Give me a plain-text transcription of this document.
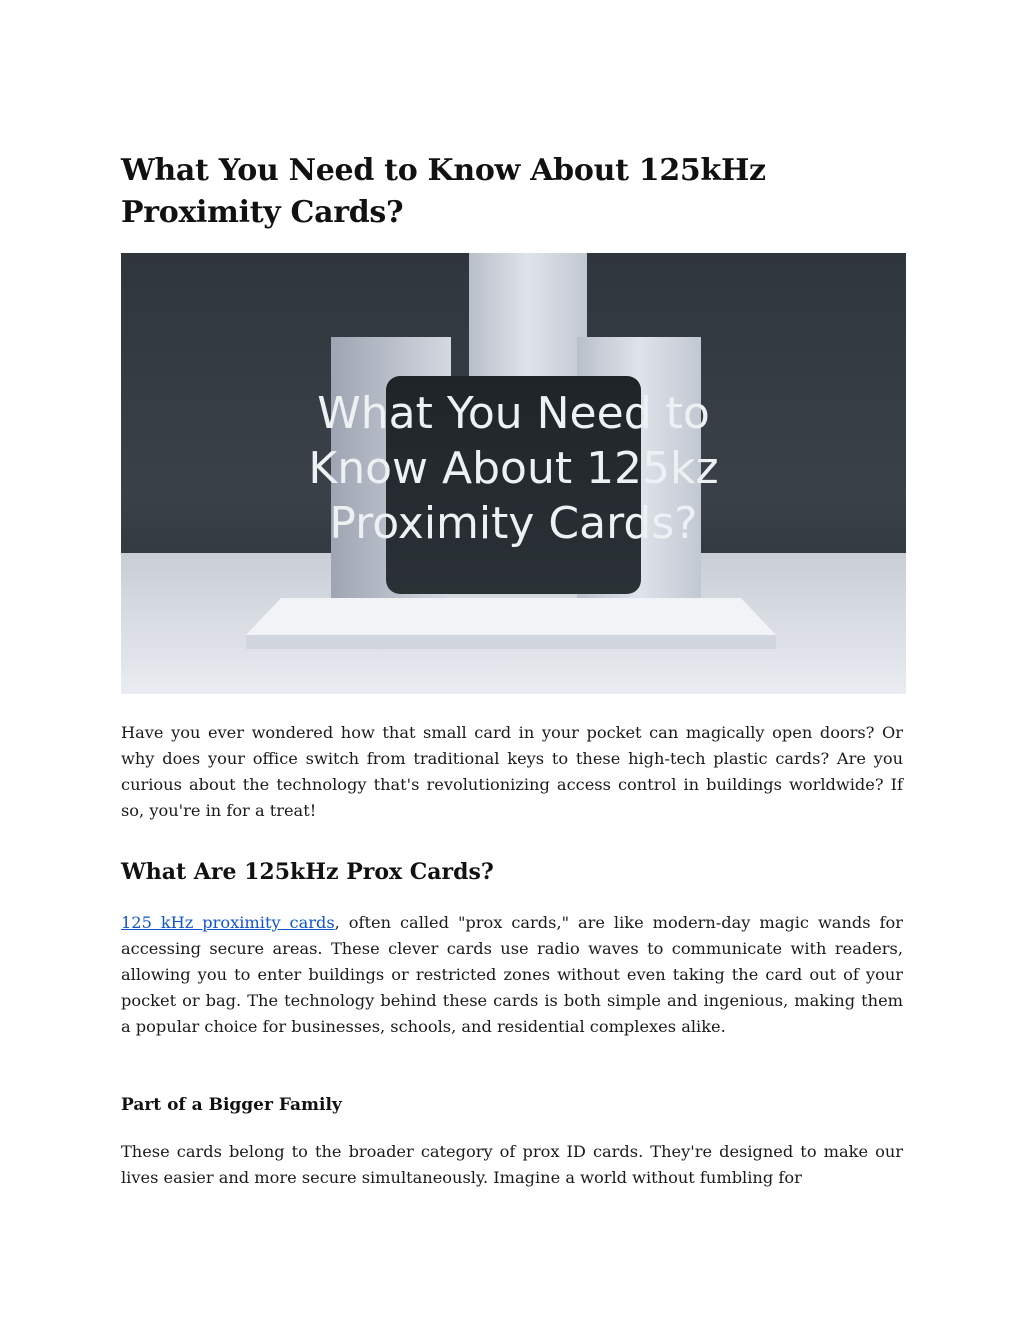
What You Need to Know About 125kHz Proximity Cards?
What You Need to
Know About 125kz
Proximity Cards?

Have you ever wondered how that small card in your pocket can magically open doors? Or why does your office switch from traditional keys to these high-tech plastic cards? Are you curious about the technology that's revolutionizing access control in buildings worldwide? If so, you're in for a treat!

What Are 125kHz Prox Cards?

125 kHz proximity cards, often called "prox cards," are like modern-day magic wands for accessing secure areas. These clever cards use radio waves to communicate with readers, allowing you to enter buildings or restricted zones without even taking the card out of your pocket or bag. The technology behind these cards is both simple and ingenious, making them a popular choice for businesses, schools, and residential complexes alike.

Part of a Bigger Family

These cards belong to the broader category of prox ID cards. They're designed to make our lives easier and more secure simultaneously. Imagine a world without fumbling for
